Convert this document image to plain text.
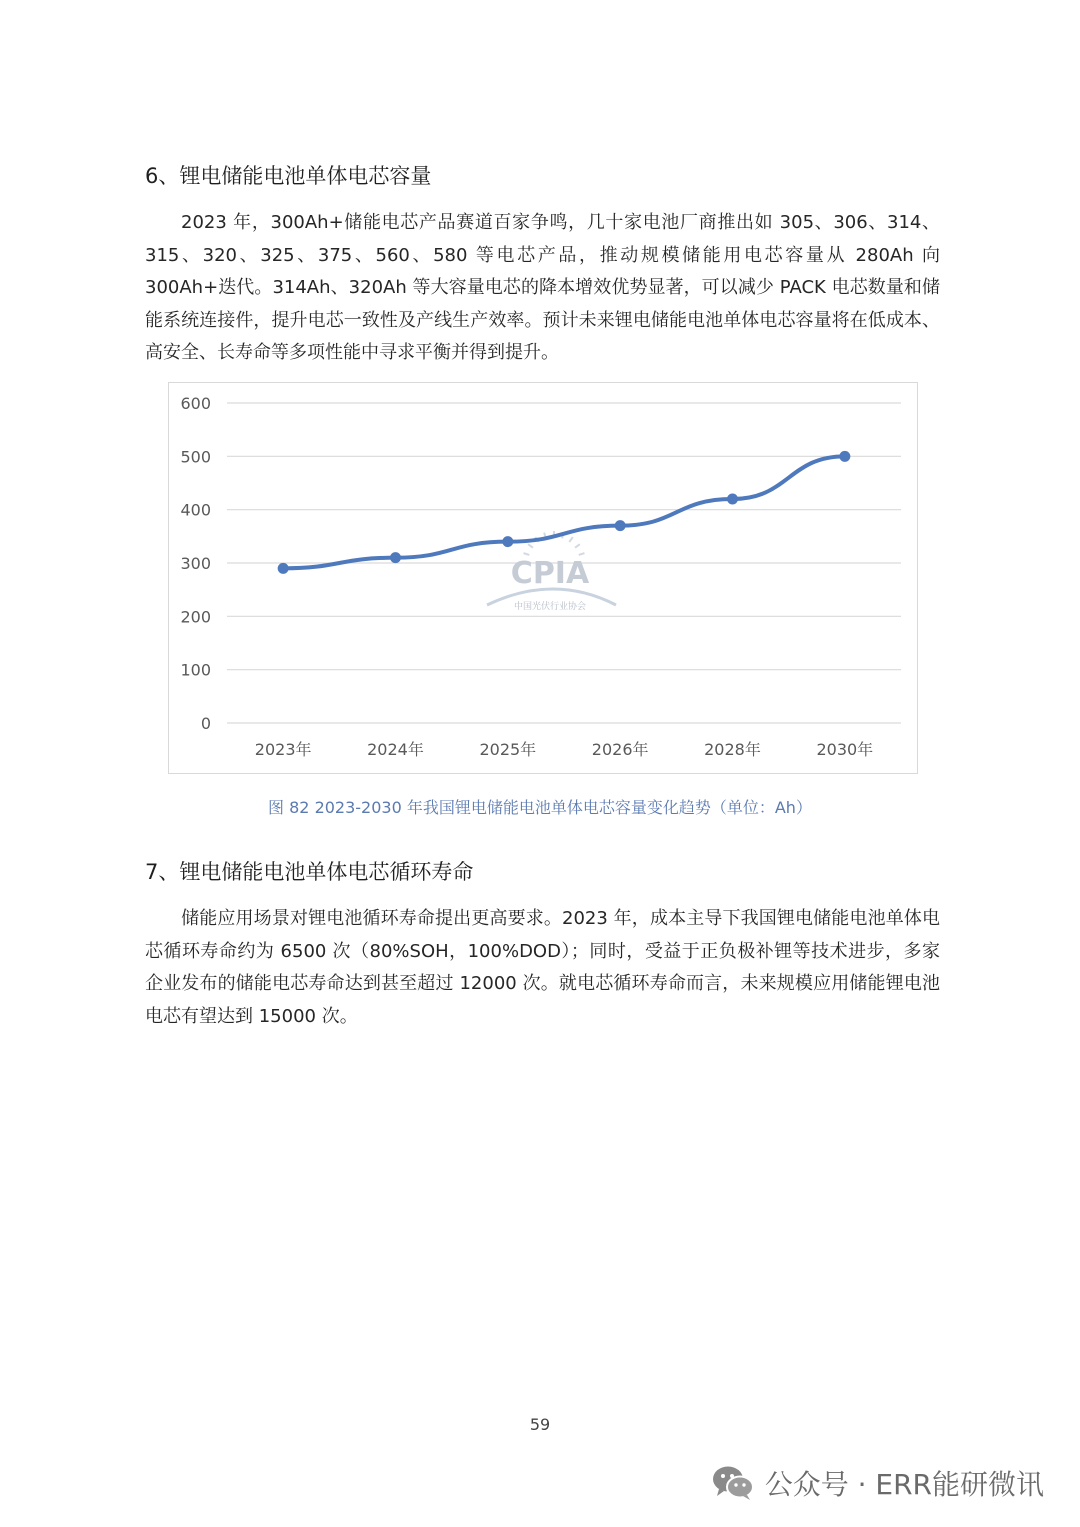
6、锂电储能电池单体电芯容量

2023 年，300Ah+储能电芯产品赛道百家争鸣，几十家电池厂商推出如 305、306、314、315、320、325、375、560、580 等电芯产品，推动规模储能用电芯容量从 280Ah 向 300Ah+迭代。314Ah、320Ah 等大容量电芯的降本增效优势显著，可以减少 PACK 电芯数量和储能系统连接件，提升电芯一致性及产线生产效率。预计未来锂电储能电池单体电芯容量将在低成本、高安全、长寿命等多项性能中寻求平衡并得到提升。

0
100
200
300
400
500
600
2023年	2024年	2025年	2026年	2028年	2030年
CPIA
中国光伏行业协会
图 82 2023-2030 年我国锂电储能电池单体电芯容量变化趋势（单位：Ah）
7、锂电储能电池单体电芯循环寿命

储能应用场景对锂电池循环寿命提出更高要求。2023 年，成本主导下我国锂电储能电池单体电芯循环寿命约为 6500 次（80%SOH，100%DOD）；同时，受益于正负极补锂等技术进步，多家企业发布的储能电芯寿命达到甚至超过 12000 次。就电芯循环寿命而言，未来规模应用储能锂电池电芯有望达到 15000 次。

59
公众号 · ERR能研微讯
